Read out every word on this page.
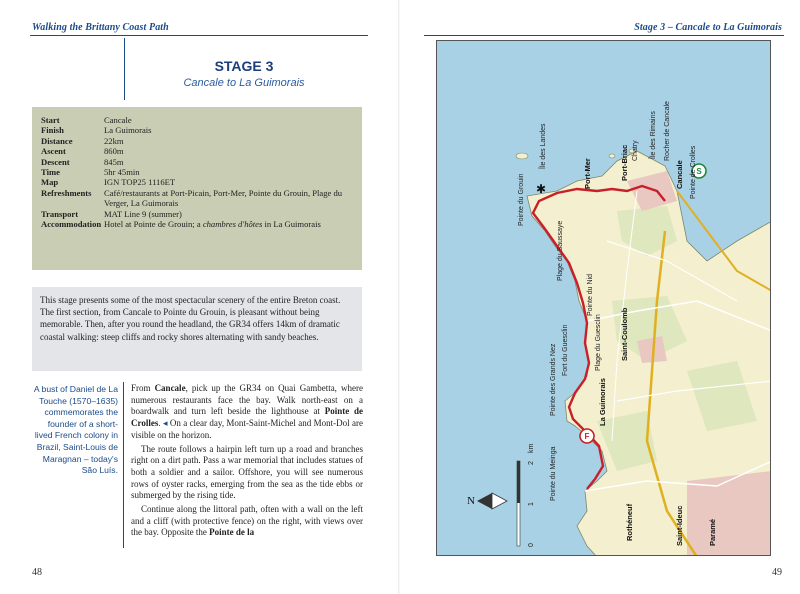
Walking the Brittany Coast Path
STAGE 3
Cancale to La Guimorais
Start	Cancale
Finish	La Guimorais
Distance	22km
Ascent	860m
Descent	845m
Time	5hr 45min
Map	IGN TOP25 1116ET
Refreshments	Café/restaurants at Port-Picain, Port-Mer, Pointe du Grouin, Plage du Verger, La Guimorais
Transport	MAT Line 9 (summer)
Accommodation Hotel at Pointe de Grouin; a chambres d'hôtes in La Guimorais
This stage presents some of the most spectacular scenery of the entire Breton coast. The first section, from Cancale to Pointe du Grouin, is pleasant without being memorable. Then, after you round the headland, the GR34 offers 14km of dramatic coastal walking: steep cliffs and rocky shores alternating with sandy beaches.
A bust of Daniel de La Touche (1570–1635) commemorates the founder of a short-lived French colony in Brazil, Saint-Louis de Maragnan – today's São Luís.

From Cancale, pick up the GR34 on Quai Gambetta, where numerous restaurants face the bay. Walk north-east on a boardwalk and turn left beside the lighthouse at Pointe de Crolles. ◂ On a clear day, Mont-Saint-Michel and Mont-Dol are visible on the horizon.

The route follows a hairpin left turn up a road and branches right on a dirt path. Pass a war memorial that includes statues of both a soldier and a sailor. Offshore, you will see numerous rows of oyster racks, emerging from the sea as the tide ebbs or submerged by the rising tide.

Continue along the littoral path, often with a wall on the left and a cliff (with protective fence) on the right, with views over the bay. Opposite the Pointe de la

48
Stage 3 – Cancale to La Guimorais
S
F
✱
Île des Landes	Île des Rimains Rocher de Cancale
Chatry
Port-Mer	Port-Briac	Cancale Pointe de Crolles
Pointe du Grouin
Plage du Saussaye
Pointe du Nid
Fort du Guesclin	Plage du Guesclin
Pointe des Grands Nez
Saint-Coulomb
Pointe du Meinga
La Guimorais
Rothéneuf	Saint-Ideuc	Paramé
N
2
1
0
km
49
